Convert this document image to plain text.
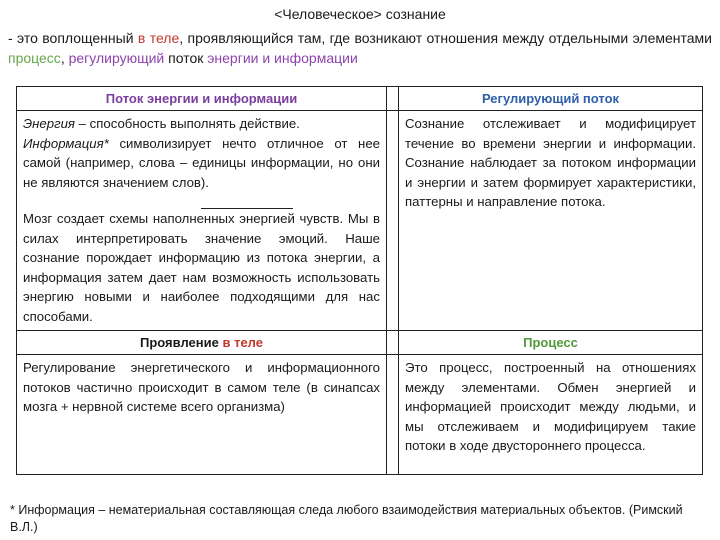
<Человеческое> сознание
- это воплощенный в теле, проявляющийся там, где возникают отношения между отдельными элементами процесс, регулирующий поток энергии и информации
Поток энергии и информации		Регулирующий поток

Энергия – способность выполнять действие.

Информация* символизирует нечто отличное от нее самой (например, слова – единицы информации, но они не являются значением слов).

Мозг создает схемы наполненных энергией чувств. Мы в силах интерпретировать значение эмоций. Наше сознание порождает информацию из потока энергии, а информация затем дает нам возможность использовать энергию новыми и наиболее подходящими для нас способами.		Сознание отслеживает и модифицирует течение во времени энергии и информации. Сознание наблюдает за потоком информации и энергии и затем формирует характеристики, паттерны и направление потока.
Проявление в теле		Процесс
Регулирование энергетического и информационного потоков частично происходит в самом теле (в синапсах мозга + нервной системе всего организма)		Это процесс, построенный на отношениях между элементами. Обмен энергией и информацией происходит между людьми, и мы отслеживаем и модифицируем такие потоки в ходе двустороннего процесса.
* Информация – нематериальная составляющая следа любого взаимодействия материальных объектов. (Римский В.Л.)
